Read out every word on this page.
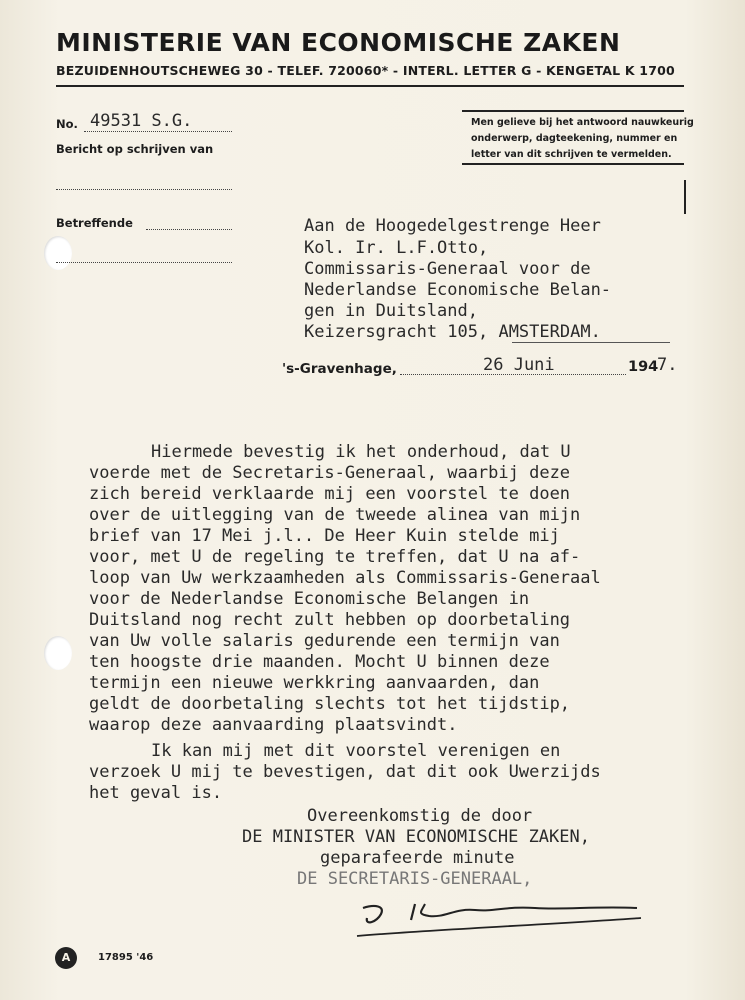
MINISTERIE VAN ECONOMISCHE ZAKEN
BEZUIDENHOUTSCHEWEG 30 - TELEF. 720060* - INTERL. LETTER G - KENGETAL K 1700
No. 49531 S.G.
Bericht op schrijven van
Betreffende
Men gelieve bij het antwoord nauwkeurig
onderwerp, dagteekening, nummer en
letter van dit schrijven te vermelden.
Aan de Hoogedelgestrenge Heer
Kol. Ir. L.F.Otto,
Commissaris-Generaal voor de
Nederlandse Economische Belan-
gen in Duitsland,
Keizersgracht 105, AMSTERDAM.
's-Gravenhage,	26 Juni	194
7.
Hiermede bevestig ik het onderhoud, dat U
voerde met de Secretaris-Generaal, waarbij deze
zich bereid verklaarde mij een voorstel te doen
over de uitlegging van de tweede alinea van mijn
brief van 17 Mei j.l.. De Heer Kuin stelde mij
voor, met U de regeling te treffen, dat U na af-
loop van Uw werkzaamheden als Commissaris-Generaal
voor de Nederlandse Economische Belangen in
Duitsland nog recht zult hebben op doorbetaling
van Uw volle salaris gedurende een termijn van
ten hoogste drie maanden. Mocht U binnen deze
termijn een nieuwe werkkring aanvaarden, dan
geldt de doorbetaling slechts tot het tijdstip,
waarop deze aanvaarding plaatsvindt.
Ik kan mij met dit voorstel verenigen en
verzoek U mij te bevestigen, dat dit ook Uwerzijds
het geval is.
Overeenkomstig de door
DE MINISTER VAN ECONOMISCHE ZAKEN,
geparafeerde minute
DE SECRETARIS-GENERAAL,
A	17895 '46
